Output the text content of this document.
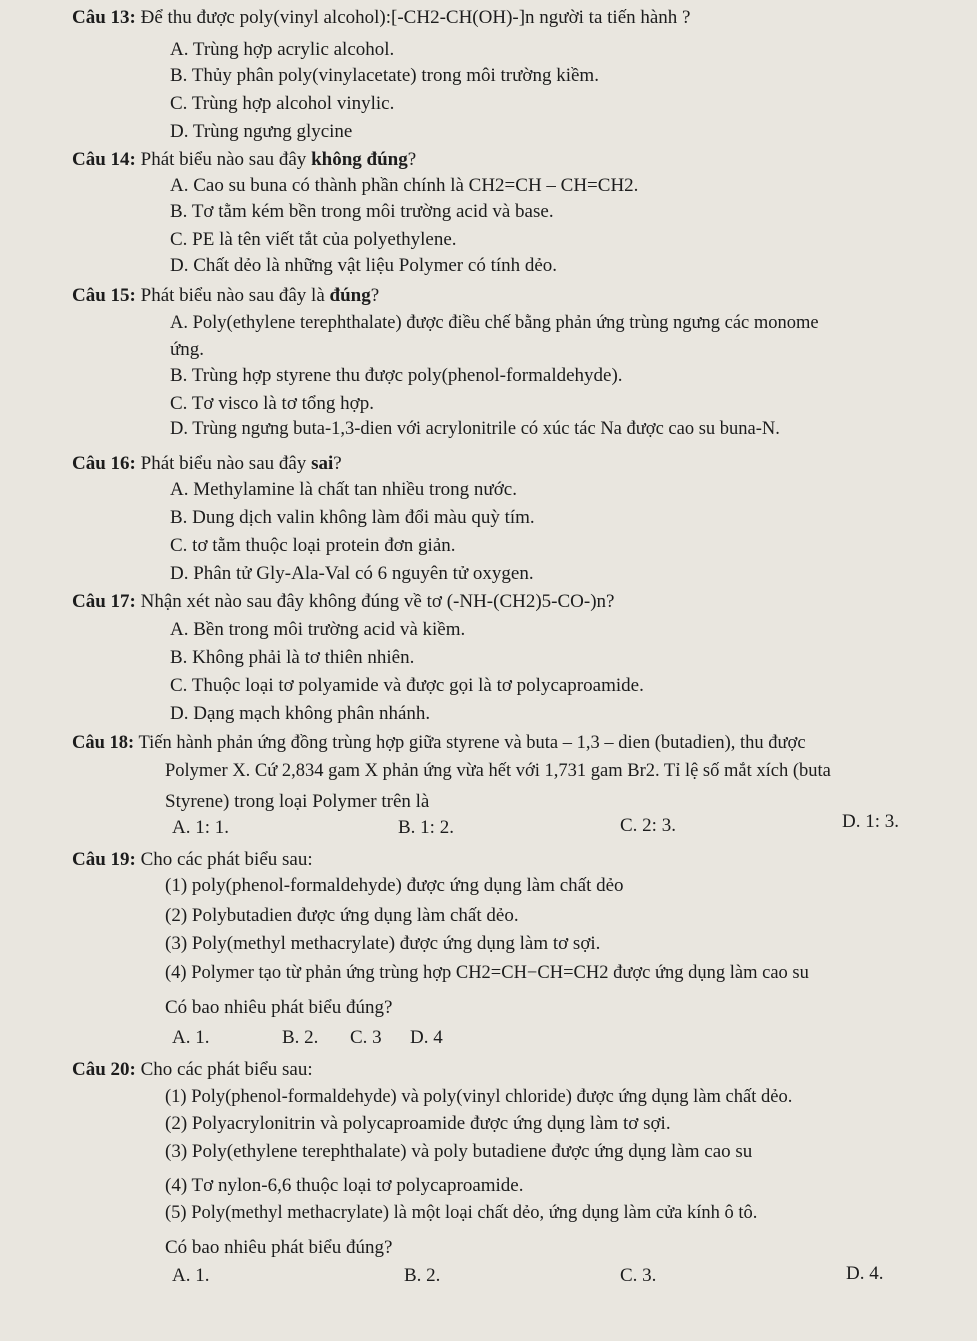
Câu 13: Để thu được poly(vinyl alcohol):[-CH2-CH(OH)-]n người ta tiến hành ?
A. Trùng hợp acrylic alcohol.
B. Thủy phân poly(vinylacetate) trong môi trường kiềm.
C. Trùng hợp alcohol vinylic.
D. Trùng ngưng glycine
Câu 14: Phát biểu nào sau đây không đúng?
A. Cao su buna có thành phần chính là CH2=CH – CH=CH2.
B. Tơ tằm kém bền trong môi trường acid và base.
C. PE là tên viết tắt của polyethylene.
D. Chất dẻo là những vật liệu Polymer có tính dẻo.
Câu 15: Phát biểu nào sau đây là đúng?
A. Poly(ethylene terephthalate) được điều chế bằng phản ứng trùng ngưng các monome
ứng.
B. Trùng hợp styrene thu được poly(phenol-formaldehyde).
C. Tơ visco là tơ tổng hợp.
D. Trùng ngưng buta-1,3-dien với acrylonitrile có xúc tác Na được cao su buna-N.
Câu 16: Phát biểu nào sau đây sai?
A. Methylamine là chất tan nhiều trong nước.
B. Dung dịch valin không làm đổi màu quỳ tím.
C. tơ tằm thuộc loại protein đơn giản.
D. Phân tử Gly-Ala-Val có 6 nguyên tử oxygen.
Câu 17: Nhận xét nào sau đây không đúng về tơ (-NH-(CH2)5-CO-)n?
A. Bền trong môi trường acid và kiềm.
B. Không phải là tơ thiên nhiên.
C. Thuộc loại tơ polyamide và được gọi là tơ polycaproamide.
D. Dạng mạch không phân nhánh.
Câu 18: Tiến hành phản ứng đồng trùng hợp giữa styrene và buta – 1,3 – dien (butadien), thu được
Polymer X. Cứ 2,834 gam X phản ứng vừa hết với 1,731 gam Br2. Tỉ lệ số mắt xích (buta
Styrene) trong loại Polymer trên là
A. 1: 1.	B. 1: 2.	C. 2: 3.	D. 1: 3.
Câu 19: Cho các phát biểu sau:
(1) poly(phenol-formaldehyde) được ứng dụng làm chất dẻo
(2) Polybutadien được ứng dụng làm chất dẻo.
(3) Poly(methyl methacrylate) được ứng dụng làm tơ sợi.
(4) Polymer tạo từ phản ứng trùng hợp CH2=CH−CH=CH2 được ứng dụng làm cao su
Có bao nhiêu phát biểu đúng?
A. 1.	B. 2. C. 3 D. 4
Câu 20: Cho các phát biểu sau:
(1) Poly(phenol-formaldehyde) và poly(vinyl chloride) được ứng dụng làm chất dẻo.
(2) Polyacrylonitrin và polycaproamide được ứng dụng làm tơ sợi.
(3) Poly(ethylene terephthalate) và poly butadiene được ứng dụng làm cao su
(4) Tơ nylon-6,6 thuộc loại tơ polycaproamide.
(5) Poly(methyl methacrylate) là một loại chất dẻo, ứng dụng làm cửa kính ô tô.
Có bao nhiêu phát biểu đúng?
A. 1.	B. 2.	C. 3.	D. 4.
